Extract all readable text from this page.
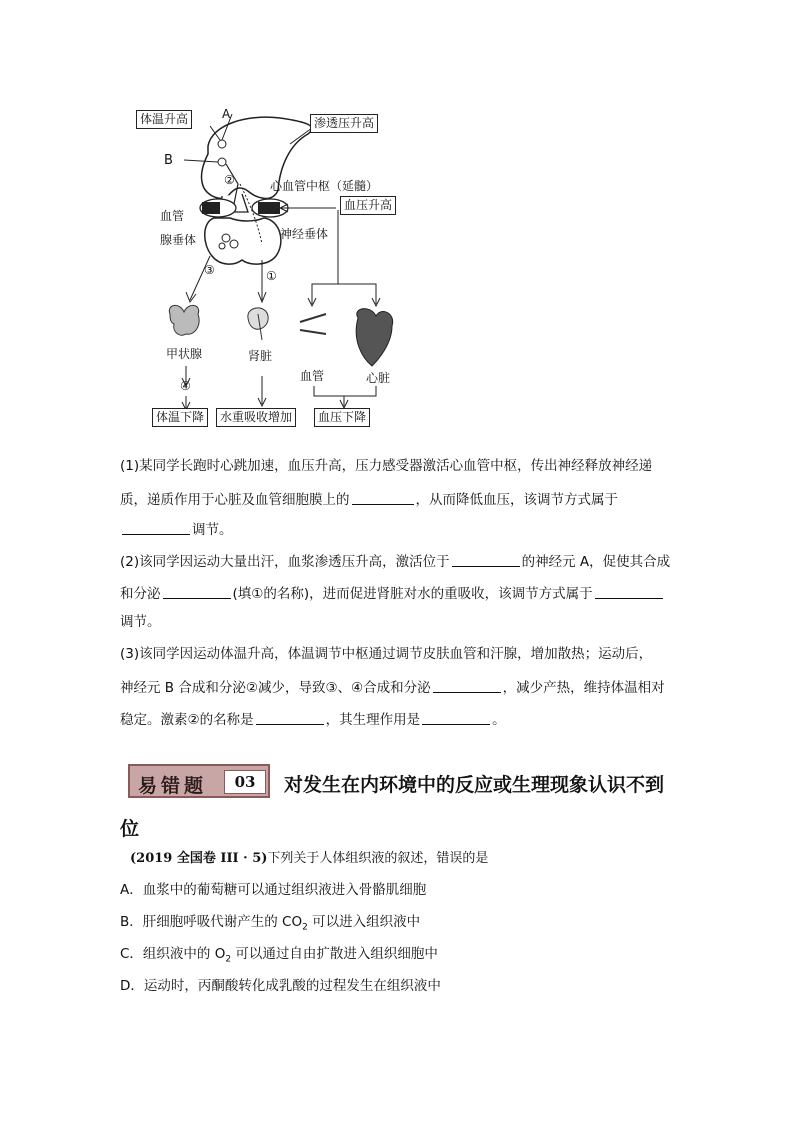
体温升高	A
渗透压升高
B
②	心血管中枢（延髓）
血压升高
血管
腺垂体	神经垂体
③	①
甲状腺	肾脏
血管	心脏
④
体温下降	水重吸收增加	血压下降
(1)某同学长跑时心跳加速，血压升高，压力感受器激活心血管中枢，传出神经释放神经递
质，递质作用于心脏及血管细胞膜上的	，从而降低血压，该调节方式属于
调节。
(2)该同学因运动大量出汗，血浆渗透压升高，激活位于	的神经元 A，促使其合成
和分泌	(填①的名称)，进而促进肾脏对水的重吸收，该调节方式属于
调节。
(3)该同学因运动体温升高，体温调节中枢通过调节皮肤血管和汗腺，增加散热；运动后，
神经元 B 合成和分泌②减少，导致③、④合成和分泌	，减少产热，维持体温相对
稳定。激素②的名称是	，其生理作用是	。
易错题	03	对发生在内环境中的反应或生理现象认识不到
位
(2019 全国卷 III · 5)下列关于人体组织液的叙述，错误的是
A．血浆中的葡萄糖可以通过组织液进入骨骼肌细胞
B．肝细胞呼吸代谢产生的 $CO_2$ 可以进入组织液中
C．组织液中的 $O_2$ 可以通过自由扩散进入组织细胞中
D．运动时，丙酮酸转化成乳酸的过程发生在组织液中
